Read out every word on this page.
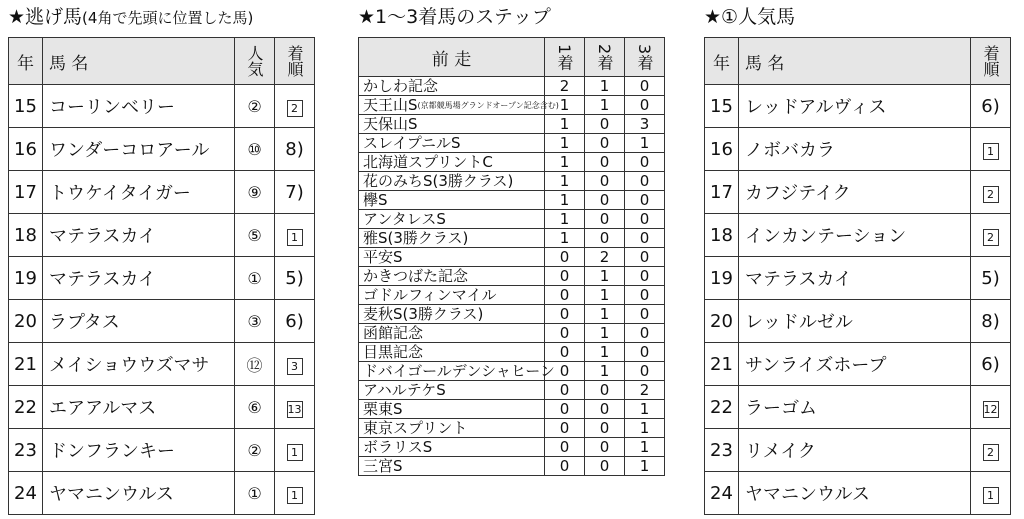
★逃げ馬(4角で先頭に位置した馬)	★1〜3着馬のステップ	★①人気馬
年	馬 名	人気	着順

15	コーリンベリー	②	2
16	ワンダーコロアール	⑩	8)
17	トウケイタイガー	⑨	7)
18	マテラスカイ	⑤	1
19	マテラスカイ	①	5)
20	ラプタス	③	6)
21	メイショウウズマサ	⑫	3
22	エアアルマス	⑥	13
23	ドンフランキー	②	1
24	ヤマニンウルス	①	1
前 走	1着	2着	3着

かしわ記念	2	1	0
天王山S(京都競馬場グランドオープン記念含む)	1	1	0
天保山S	1	0	3
スレイプニルS	1	0	1
北海道スプリントC	1	0	0
花のみちS(3勝クラス)	1	0	0
欅S	1	0	0
アンタレスS	1	0	0
雅S(3勝クラス)	1	0	0
平安S	0	2	0
かきつばた記念	0	1	0
ゴドルフィンマイル	0	1	0
麦秋S(3勝クラス)	0	1	0
函館記念	0	1	0
目黒記念	0	1	0
ドバイゴールデンシャヒーン	0	1	0
アハルテケS	0	0	2
栗東S	0	0	1
東京スプリント	0	0	1
ボラリスS	0	0	1
三宮S	0	0	1
年	馬 名	着順

15	レッドアルヴィス	6)
16	ノボバカラ	1
17	カフジテイク	2
18	インカンテーション	2
19	マテラスカイ	5)
20	レッドルゼル	8)
21	サンライズホープ	6)
22	ラーゴム	12
23	リメイク	2
24	ヤマニンウルス	1
